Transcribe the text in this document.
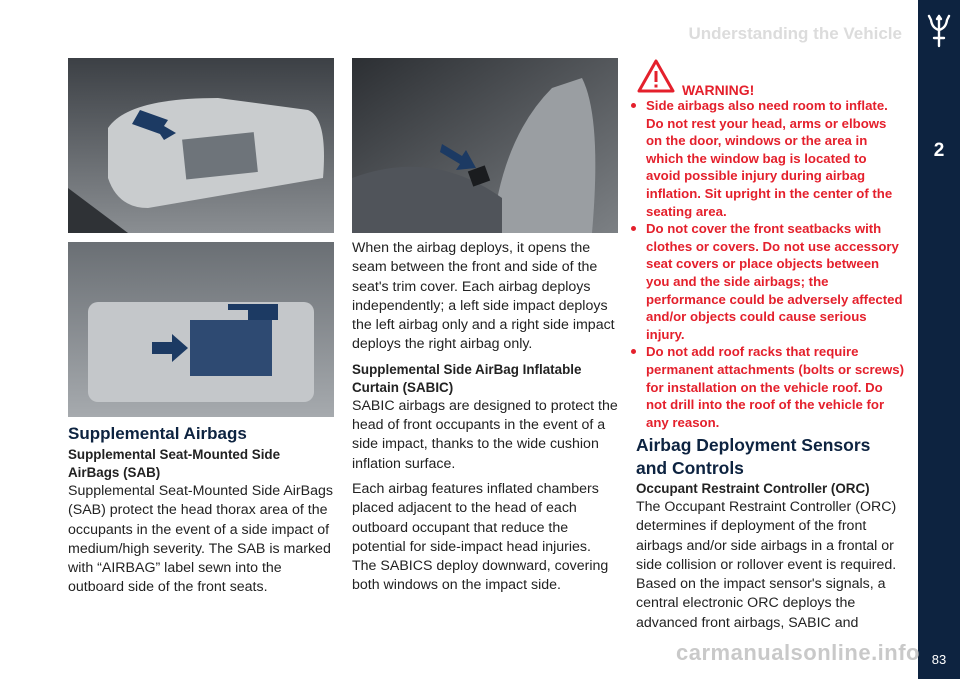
Understanding the Vehicle
2
83
Supplemental Airbags
Supplemental Seat-Mounted Side AirBags (SAB)

Supplemental Seat-Mounted Side AirBags (SAB) protect the head thorax area of the occupants in the event of a side impact of medium/high severity. The SAB is marked with “AIRBAG” label sewn into the outboard side of the front seats.

When the airbag deploys, it opens the seam between the front and side of the seat's trim cover. Each airbag deploys independently; a left side impact deploys the left airbag only and a right side impact deploys the right airbag only.

Supplemental Side AirBag Inflatable Curtain (SABIC)

SABIC airbags are designed to protect the head of front occupants in the event of a side impact, thanks to the wide cushion inflation surface.

Each airbag features inflated chambers placed adjacent to the head of each outboard occupant that reduce the potential for side-impact head injuries. The SABICS deploy downward, covering both windows on the impact side.

WARNING!
Side airbags also need room to inflate. Do not rest your head, arms or elbows on the door, windows or the area in which the window bag is located to avoid possible injury during airbag inflation. Sit upright in the center of the seating area.
Do not cover the front seatbacks with clothes or covers. Do not use accessory seat covers or place objects between you and the side airbags; the performance could be adversely affected and/or objects could cause serious injury.
Do not add roof racks that require permanent attachments (bolts or screws) for installation on the vehicle roof. Do not drill into the roof of the vehicle for any reason.
Airbag Deployment Sensors and Controls
Occupant Restraint Controller (ORC)

The Occupant Restraint Controller (ORC) determines if deployment of the front airbags and/or side airbags in a frontal or side collision or rollover event is required. Based on the impact sensor's signals, a central electronic ORC deploys the advanced front airbags, SABIC and

carmanualsonline.info
